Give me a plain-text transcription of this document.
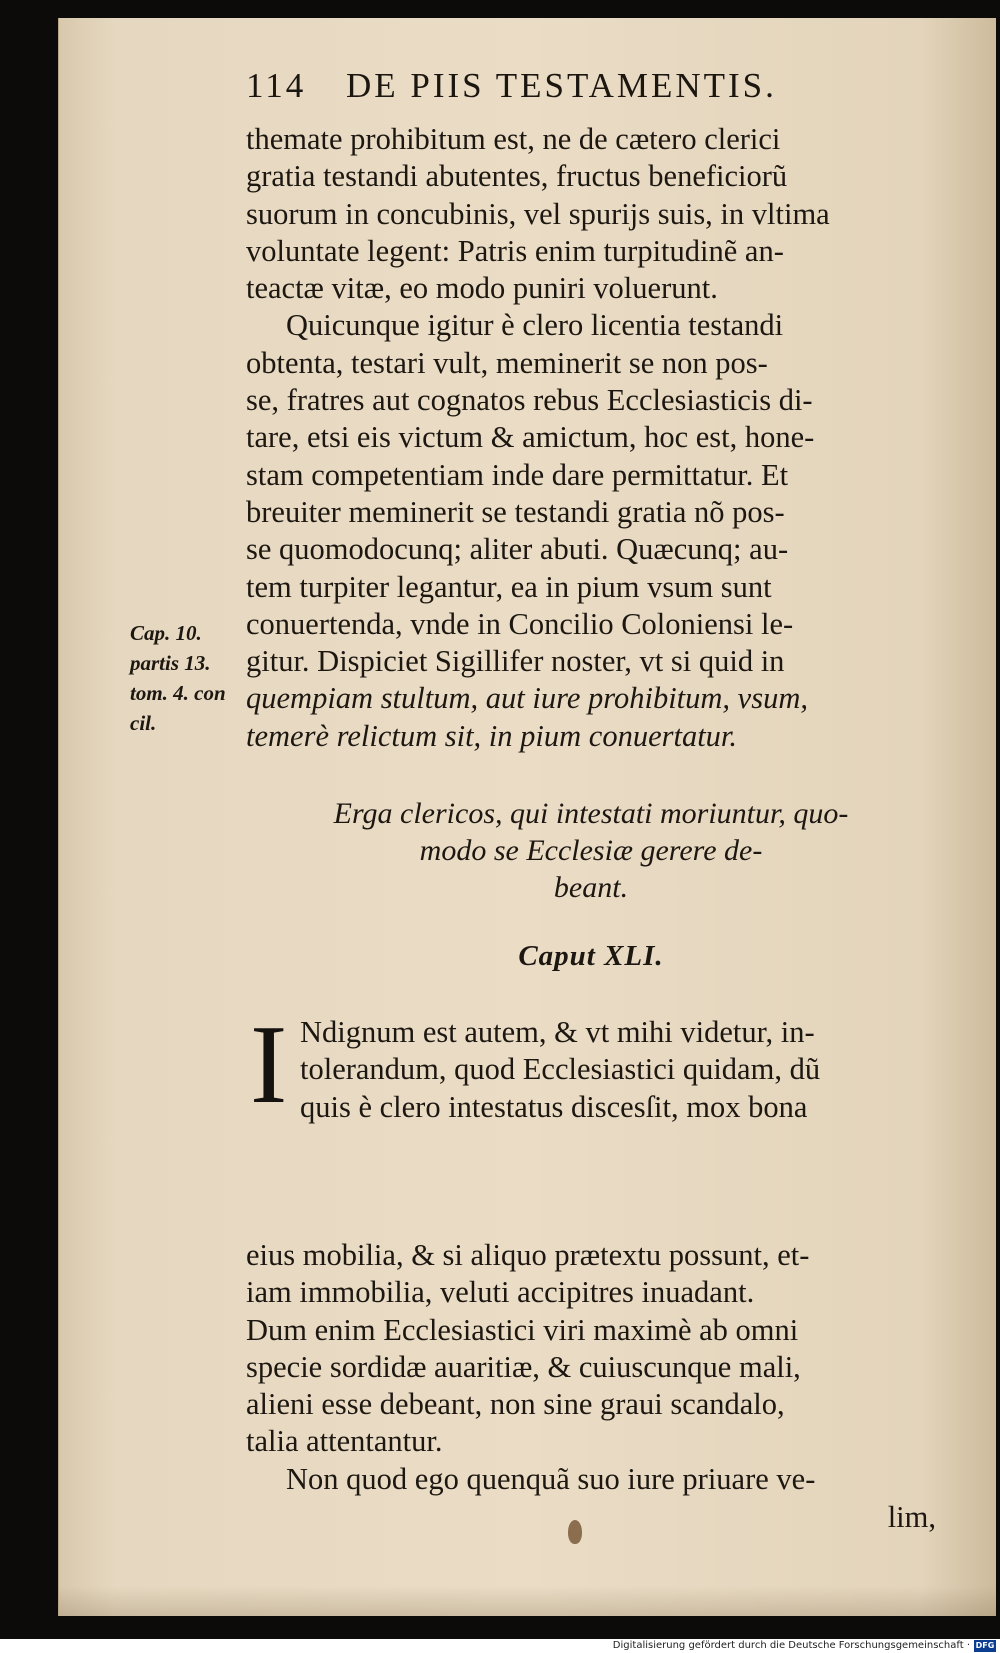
114 DE PIIS TESTAMENTIS.
themate prohibitum est, ne de cætero clerici
gratia testandi abutentes, fructus beneficiorũ
suorum in concubinis, vel spurijs suis, in vltima
voluntate legent: Patris enim turpitudinẽ an-
teactæ vitæ, eo modo puniri voluerunt.
Quicunque igitur è clero licentia testandi
obtenta, testari vult, meminerit se non pos-
se, fratres aut cognatos rebus Ecclesiasticis di-
tare, etsi eis victum & amictum, hoc est, hone-
stam competentiam inde dare permittatur. Et
breuiter meminerit se testandi gratia nõ pos-
se quomodocunq; aliter abuti. Quæcunq; au-
tem turpiter legantur, ea in pium vsum sunt
conuertenda, vnde in Concilio Coloniensi le-
gitur. Dispiciet Sigillifer noster, vt si quid in
quempiam stultum, aut iure prohibitum, vsum,
temerè relictum sit, in pium conuertatur.
Cap. 10.
partis 13.
tom. 4. con
cil.
Erga clericos, qui intestati moriuntur, quo-
modo se Ecclesiæ gerere de-
beant.
Caput XLI.
I Ndignum est autem, & vt mihi videtur, in-
tolerandum, quod Ecclesiastici quidam, dũ
quis è clero intestatus discesſit, mox bona
eius mobilia, & si aliquo prætextu possunt, et-
iam immobilia, veluti accipitres inuadant.
Dum enim Ecclesiastici viri maximè ab omni
specie sordidæ auaritiæ, & cuiuscunque mali,
alieni esse debeant, non sine graui scandalo,
talia attentantur.
Non quod ego quenquã suo iure priuare ve-
lim,
Digitalisierung gefördert durch die Deutsche Forschungsgemeinschaft · DFG
